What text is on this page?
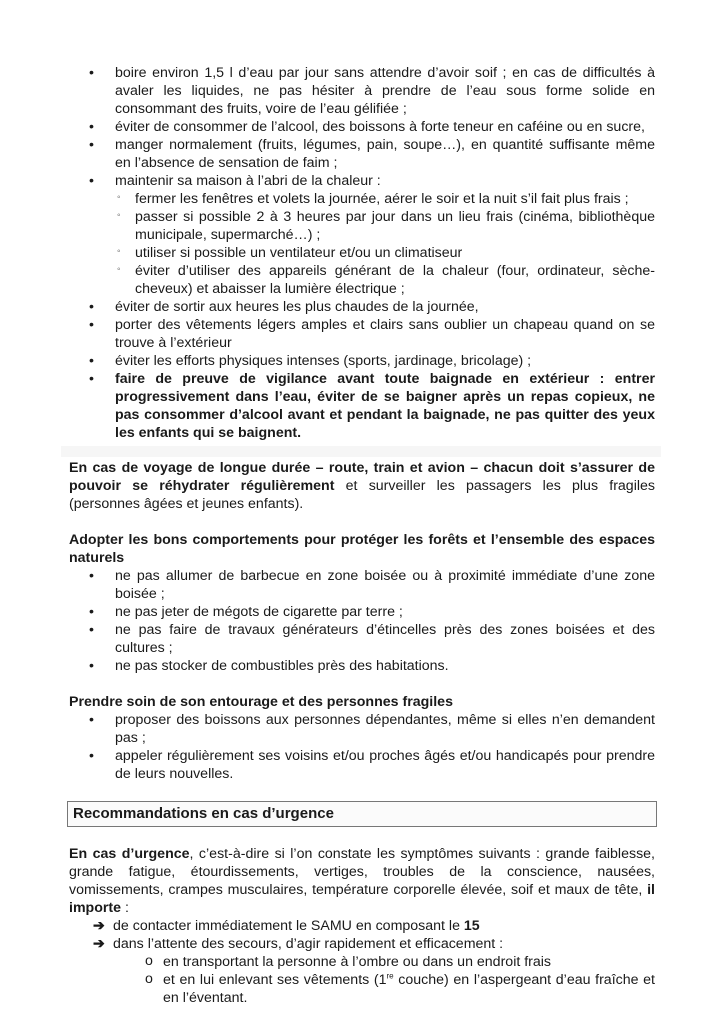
• boire environ 1,5 l d’eau par jour sans attendre d’avoir soif ; en cas de difficultés à avaler les liquides, ne pas hésiter à prendre de l’eau sous forme solide en consommant des fruits, voire de l’eau gélifiée ;
• éviter de consommer de l’alcool, des boissons à forte teneur en caféine ou en sucre,
• manger normalement (fruits, légumes, pain, soupe…), en quantité suffisante même en l’absence de sensation de faim ;
• maintenir sa maison à l’abri de la chaleur :
◦ fermer les fenêtres et volets la journée, aérer le soir et la nuit s’il fait plus frais ;
◦ passer si possible 2 à 3 heures par jour dans un lieu frais (cinéma, bibliothèque municipale, supermarché…) ;
◦ utiliser si possible un ventilateur et/ou un climatiseur
◦ éviter d’utiliser des appareils générant de la chaleur (four, ordinateur, sèche-cheveux) et abaisser la lumière électrique ;
• éviter de sortir aux heures les plus chaudes de la journée,
• porter des vêtements légers amples et clairs sans oublier un chapeau quand on se trouve à l’extérieur
• éviter les efforts physiques intenses (sports, jardinage, bricolage) ;
• faire de preuve de vigilance avant toute baignade en extérieur : entrer progressivement dans l’eau, éviter de se baigner après un repas copieux, ne pas consommer d’alcool avant et pendant la baignade, ne pas quitter des yeux les enfants qui se baignent.

En cas de voyage de longue durée – route, train et avion – chacun doit s’assurer de pouvoir se réhydrater régulièrement et surveiller les passagers les plus fragiles (personnes âgées et jeunes enfants).

Adopter les bons comportements pour protéger les forêts et l’ensemble des espaces naturels

• ne pas allumer de barbecue en zone boisée ou à proximité immédiate d’une zone boisée ;
• ne pas jeter de mégots de cigarette par terre ;
• ne pas faire de travaux générateurs d’étincelles près des zones boisées et des cultures ;
• ne pas stocker de combustibles près des habitations.

Prendre soin de son entourage et des personnes fragiles

• proposer des boissons aux personnes dépendantes, même si elles n’en demandent pas ;
• appeler régulièrement ses voisins et/ou proches âgés et/ou handicapés pour prendre de leurs nouvelles.
Recommandations en cas d’urgence

En cas d’urgence, c’est-à-dire si l’on constate les symptômes suivants : grande faiblesse, grande fatigue, étourdissements, vertiges, troubles de la conscience, nausées, vomissements, crampes musculaires, température corporelle élevée, soif et maux de tête, il importe :

➔ de contacter immédiatement le SAMU en composant le 15
➔ dans l’attente des secours, d’agir rapidement et efficacement :
o en transportant la personne à l’ombre ou dans un endroit frais
o et en lui enlevant ses vêtements (1re couche) en l’aspergeant d’eau fraîche et en l’éventant.
